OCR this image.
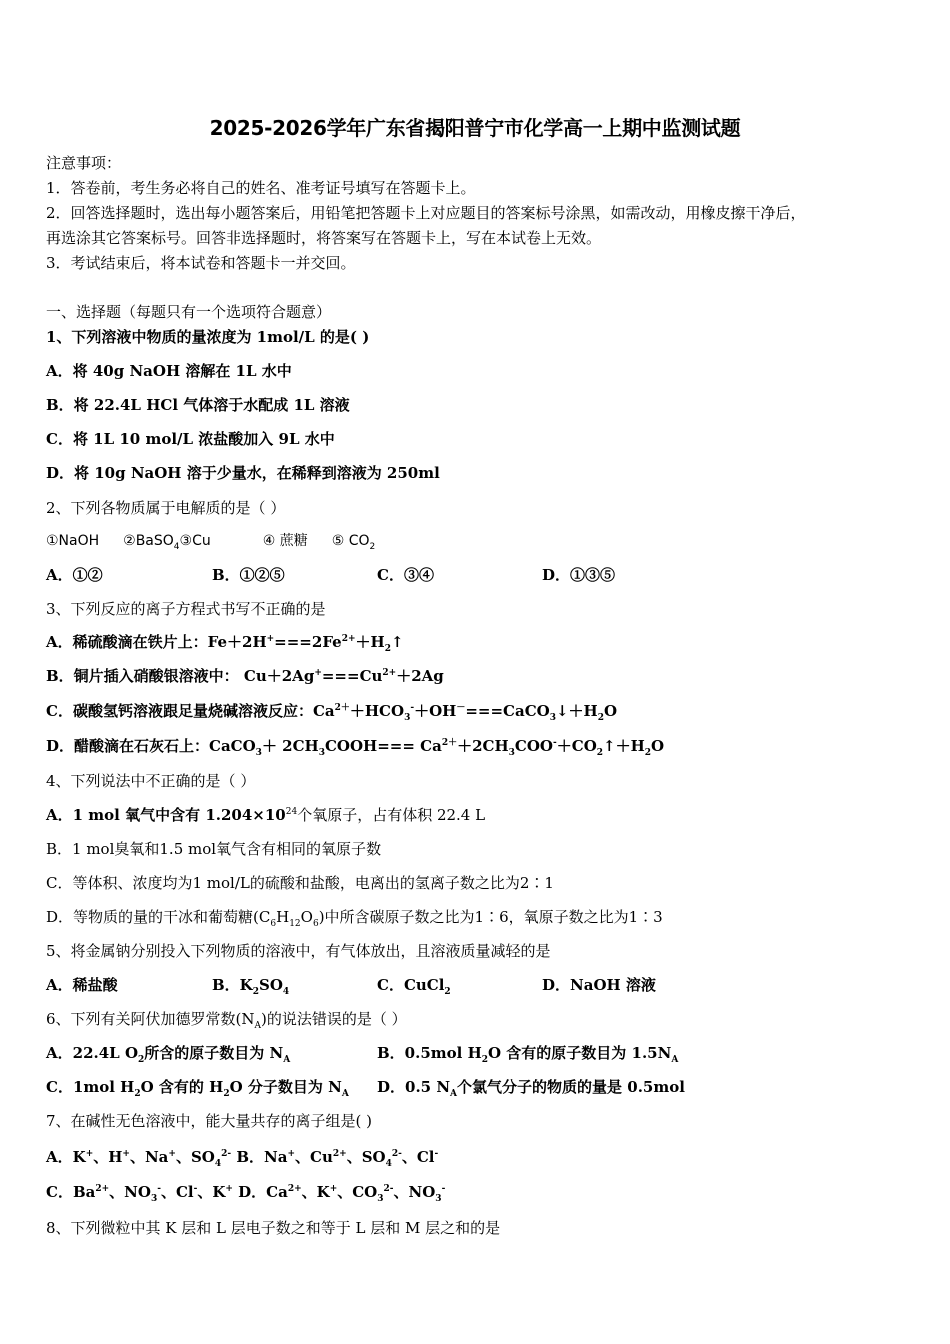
2025-2026学年广东省揭阳普宁市化学高一上期中监测试题
注意事项：
1．答卷前，考生务必将自己的姓名、准考证号填写在答题卡上。
2．回答选择题时，选出每小题答案后，用铅笔把答题卡上对应题目的答案标号涂黑，如需改动，用橡皮擦干净后，
再选涂其它答案标号。回答非选择题时，将答案写在答题卡上，写在本试卷上无效。
3．考试结束后，将本试卷和答题卡一并交回。
一、选择题（每题只有一个选项符合题意）
1、下列溶液中物质的量浓度为 1mol/L 的是( )
A．将 40g NaOH 溶解在 1L 水中
B．将 22.4L HCl 气体溶于水配成 1L 溶液
C．将 1L 10 mol/L 浓盐酸加入 9L 水中
D．将 10g NaOH 溶于少量水，在稀释到溶液为 250ml
2、下列各物质属于电解质的是（ ）
①NaOH ②BaSO$_4$③Cu	④ 蔗糖 ⑤ $CO_2$
A．①②	B．①②⑤	C．③④	D．①③⑤
3、下列反应的离子方程式书写不正确的是
A．稀硫酸滴在铁片上：$Fe+2H^+===2Fe^{2+}+H_2↑$
B．铜片插入硝酸银溶液中： $Cu+2Ag^+===Cu^{2+}+2Ag$
C．碳酸氢钙溶液跟足量烧碱溶液反应：$Ca^{2+}+HCO_3^-+OH^-===CaCO_3↓+H_2O$
D．醋酸滴在石灰石上：CaCO$_3$＋ $2CH_3COOH===$ $Ca^{2+}+2CH_3COO^-+CO_2↑+H_2O$
4、下列说法中不正确的是（ ）
A．1 mol 氧气中含有 $1.204\times 10^{24}$个氧原子，占有体积 22.4 L
B．1 mol臭氧和1.5 mol氧气含有相同的氧原子数
C．等体积、浓度均为1 mol/L的硫酸和盐酸，电离出的氢离子数之比为2∶1
D．等物质的量的干冰和葡萄糖$(C_6H_{12}O_6)$中所含碳原子数之比为1∶6，氧原子数之比为1∶3
5、将金属钠分别投入下列物质的溶液中，有气体放出，且溶液质量减轻的是
A．稀盐酸	B．$K_2SO_4$	C．CuCl$_2$	D．NaOH 溶液
6、下列有关阿伏加德罗常数$(N_A)$的说法错误的是（ ）
A．22.4L $O_2$所含的原子数目为 $N_A$	B．0.5mol $H_2O$ 含有的原子数目为 $1.5N_A$
C．1mol $H_2O$ 含有的 $H_2O$ 分子数目为 $N_A$ D．0.5 $N_A$个氯气分子的物质的量是 0.5mol
7、在碱性无色溶液中，能大量共存的离子组是( )
A．K+、H+、Na+、$SO_4^{2-}$ B．Na+、$Cu^{2+}$、$SO_4^{2-}$、Cl-
C．$Ba^{2+}$、$NO_3^-$、Cl-、K+ D．$Ca^{2+}$、K+、$CO_3^{2-}$、$NO_3^-$
8、下列微粒中其 K 层和 L 层电子数之和等于 L 层和 M 层之和的是
